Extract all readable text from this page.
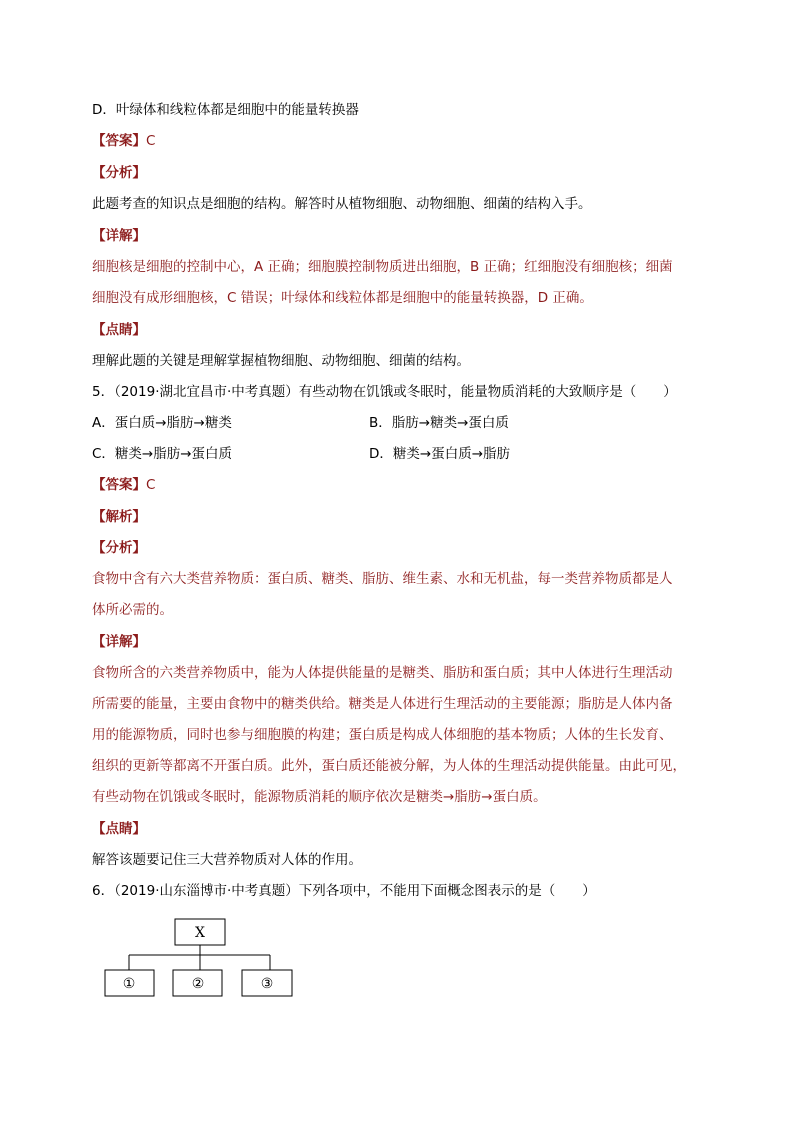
D．叶绿体和线粒体都是细胞中的能量转换器
【答案】C
【分析】
此题考查的知识点是细胞的结构。解答时从植物细胞、动物细胞、细菌的结构入手。
【详解】
细胞核是细胞的控制中心，A 正确；细胞膜控制物质进出细胞，B 正确；红细胞没有细胞核；细菌
细胞没有成形细胞核，C 错误；叶绿体和线粒体都是细胞中的能量转换器，D 正确。
【点睛】
理解此题的关键是理解掌握植物细胞、动物细胞、细菌的结构。
5．（2019·湖北宜昌市·中考真题）有些动物在饥饿或冬眠时，能量物质消耗的大致顺序是（　　）
A．蛋白质→脂肪→糖类	B．脂肪→糖类→蛋白质
C．糖类→脂肪→蛋白质	D．糖类→蛋白质→脂肪
【答案】C
【解析】
【分析】
食物中含有六大类营养物质：蛋白质、糖类、脂肪、维生素、水和无机盐，每一类营养物质都是人
体所必需的。
【详解】
食物所含的六类营养物质中，能为人体提供能量的是糖类、脂肪和蛋白质；其中人体进行生理活动
所需要的能量，主要由食物中的糖类供给。糖类是人体进行生理活动的主要能源；脂肪是人体内备
用的能源物质，同时也参与细胞膜的构建；蛋白质是构成人体细胞的基本物质；人体的生长发育、
组织的更新等都离不开蛋白质。此外，蛋白质还能被分解，为人体的生理活动提供能量。由此可见，
有些动物在饥饿或冬眠时，能源物质消耗的顺序依次是糖类→脂肪→蛋白质。
【点睛】
解答该题要记住三大营养物质对人体的作用。
6．（2019·山东淄博市·中考真题）下列各项中，不能用下面概念图表示的是（　　）
X
①	②	③
